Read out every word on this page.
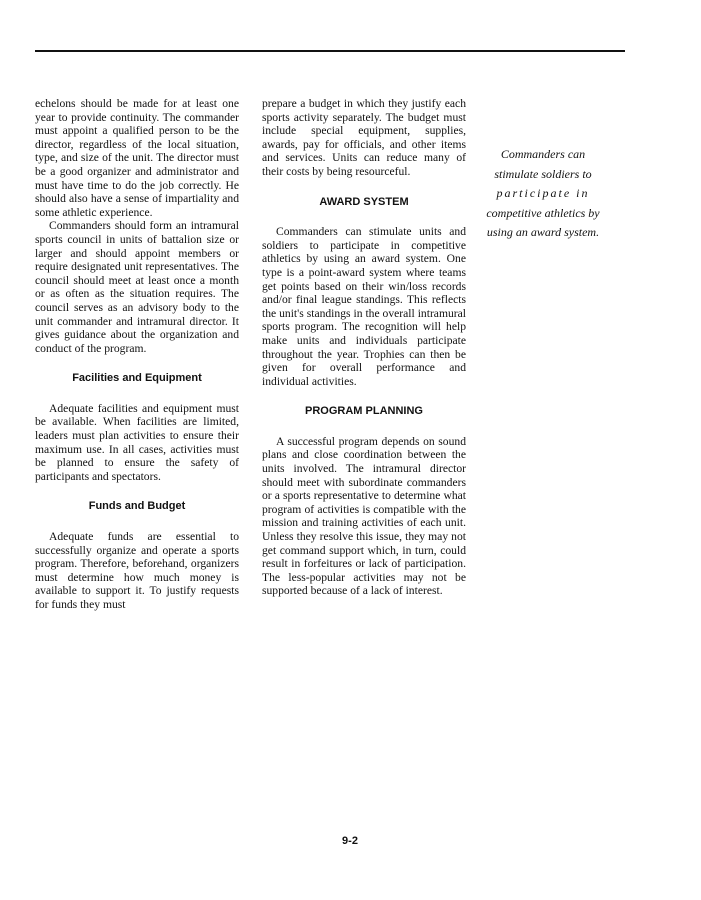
echelons should be made for at least one year to provide continuity. The commander must appoint a qualified person to be the director, regardless of the local situation, type, and size of the unit. The director must be a good organizer and administrator and must have time to do the job correctly. He should also have a sense of impartiality and some athletic experience.

Commanders should form an intramural sports council in units of battalion size or larger and should appoint members or require designated unit representatives. The council should meet at least once a month or as often as the situation requires. The council serves as an advisory body to the unit commander and intramural director. It gives guidance about the organization and conduct of the program.

Facilities and Equipment

Adequate facilities and equipment must be available. When facilities are limited, leaders must plan activities to ensure their maximum use. In all cases, activities must be planned to ensure the safety of participants and spectators.

Funds and Budget

Adequate funds are essential to successfully organize and operate a sports program. Therefore, beforehand, organizers must determine how much money is available to support it. To justify requests for funds they must

prepare a budget in which they justify each sports activity separately. The budget must include special equipment, supplies, awards, pay for officials, and other items and services. Units can reduce many of their costs by being resourceful.

AWARD SYSTEM

Commanders can stimulate units and soldiers to participate in competitive athletics by using an award system. One type is a point-award system where teams get points based on their win/loss records and/or final league standings. This reflects the unit's standings in the overall intramural sports program. The recognition will help make units and individuals participate throughout the year. Trophies can then be given for overall performance and individual activities.

PROGRAM PLANNING

A successful program depends on sound plans and close coordination between the units involved. The intramural director should meet with subordinate commanders or a sports representative to determine what program of activities is compatible with the mission and training activities of each unit. Unless they resolve this issue, they may not get command support which, in turn, could result in forfeitures or lack of participation. The less-popular activities may not be supported because of a lack of interest.

Commanders can
stimulate soldiers to
participate in
competitive athletics by
using an award system.
9-2
